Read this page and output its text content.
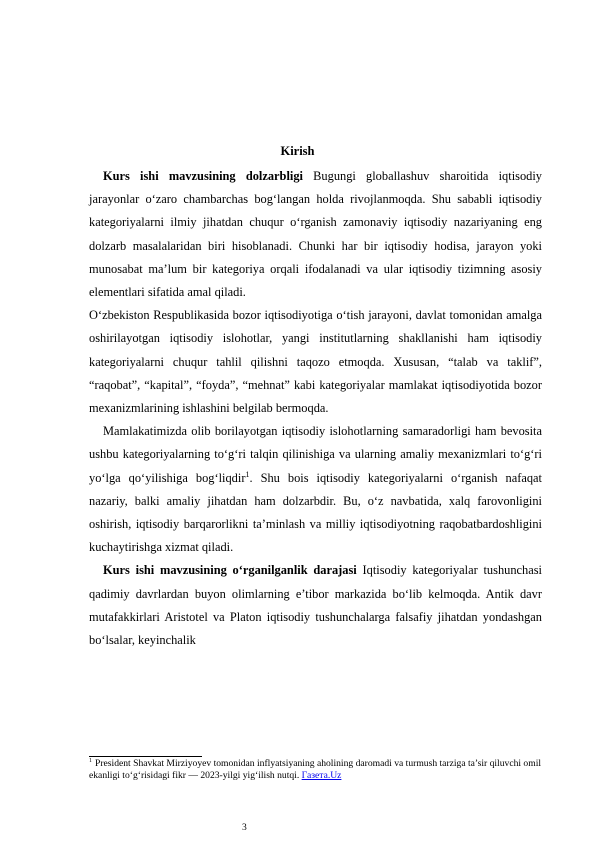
Kirish

Kurs ishi mavzusining dolzarbligi Bugungi globallashuv sharoitida iqtisodiy jarayonlar o‘zaro chambarchas bog‘langan holda rivojlanmoqda. Shu sababli iqtisodiy kategoriyalarni ilmiy jihatdan chuqur o‘rganish zamonaviy iqtisodiy nazariyaning eng dolzarb masalalaridan biri hisoblanadi. Chunki har bir iqtisodiy hodisa, jarayon yoki munosabat ma’lum bir kategoriya orqali ifodalanadi va ular iqtisodiy tizimning asosiy elementlari sifatida amal qiladi.

O‘zbekiston Respublikasida bozor iqtisodiyotiga o‘tish jarayoni, davlat tomonidan amalga oshirilayotgan iqtisodiy islohotlar, yangi institutlarning shakllanishi ham iqtisodiy kategoriyalarni chuqur tahlil qilishni taqozo etmoqda. Xususan, “talab va taklif”, “raqobat”, “kapital”, “foyda”, “mehnat” kabi kategoriyalar mamlakat iqtisodiyotida bozor mexanizmlarining ishlashini belgilab bermoqda.

Mamlakatimizda olib borilayotgan iqtisodiy islohotlarning samaradorligi ham bevosita ushbu kategoriyalarning to‘g‘ri talqin qilinishiga va ularning amaliy mexanizmlari to‘g‘ri yo‘lga qo‘yilishiga bog‘liqdir$^1$. Shu bois iqtisodiy kategoriyalarni o‘rganish nafaqat nazariy, balki amaliy jihatdan ham dolzarbdir. Bu, o‘z navbatida, xalq farovonligini oshirish, iqtisodiy barqarorlikni ta’minlash va milliy iqtisodiyotning raqobatbardoshligini kuchaytirishga xizmat qiladi.

Kurs ishi mavzusining o‘rganilganlik darajasi Iqtisodiy kategoriyalar tushunchasi qadimiy davrlardan buyon olimlarning e’tibor markazida bo‘lib kelmoqda. Antik davr mutafakkirlari Aristotel va Platon iqtisodiy tushunchalarga falsafiy jihatdan yondashgan bo‘lsalar, keyinchalik

$^1$ President Shavkat Mirziyoyev tomonidan inflyatsiyaning aholining daromadi va turmush tarziga ta’sir qiluvchi omil ekanligi to‘g‘risidagi fikr — 2023-yilgi yig‘ilish nutqi. Газета.Uz

3
